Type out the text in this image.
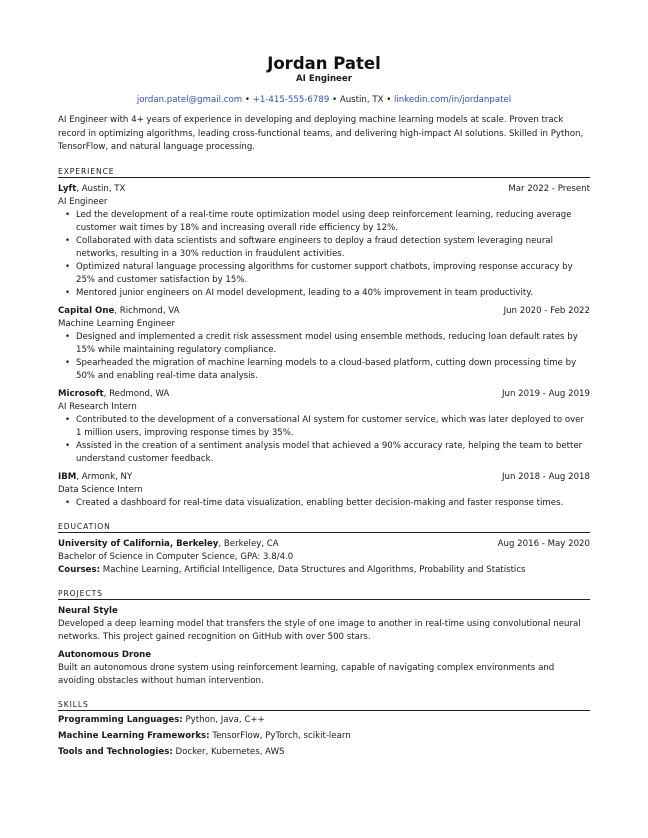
Jordan Patel
AI Engineer
jordan.patel@gmail.com • +1-415-555-6789 • Austin, TX • linkedin.com/in/jordanpatel
AI Engineer with 4+ years of experience in developing and deploying machine learning models at scale. Proven track record in optimizing algorithms, leading cross-functional teams, and delivering high-impact AI solutions. Skilled in Python, TensorFlow, and natural language processing.
EXPERIENCE
Lyft, Austin, TX	Mar 2022 - Present
AI Engineer
• Led the development of a real-time route optimization model using deep reinforcement learning, reducing average customer wait times by 18% and increasing overall ride efficiency by 12%.
• Collaborated with data scientists and software engineers to deploy a fraud detection system leveraging neural networks, resulting in a 30% reduction in fraudulent activities.
• Optimized natural language processing algorithms for customer support chatbots, improving response accuracy by 25% and customer satisfaction by 15%.
• Mentored junior engineers on AI model development, leading to a 40% improvement in team productivity.
Capital One, Richmond, VA	Jun 2020 - Feb 2022
Machine Learning Engineer
• Designed and implemented a credit risk assessment model using ensemble methods, reducing loan default rates by 15% while maintaining regulatory compliance.
• Spearheaded the migration of machine learning models to a cloud-based platform, cutting down processing time by 50% and enabling real-time data analysis.
Microsoft, Redmond, WA	Jun 2019 - Aug 2019
AI Research Intern
• Contributed to the development of a conversational AI system for customer service, which was later deployed to over 1 million users, improving response times by 35%.
• Assisted in the creation of a sentiment analysis model that achieved a 90% accuracy rate, helping the team to better understand customer feedback.
IBM, Armonk, NY	Jun 2018 - Aug 2018
Data Science Intern
• Created a dashboard for real-time data visualization, enabling better decision-making and faster response times.
EDUCATION
University of California, Berkeley, Berkeley, CA	Aug 2016 - May 2020
Bachelor of Science in Computer Science, GPA: 3.8/4.0
Courses: Machine Learning, Artificial Intelligence, Data Structures and Algorithms, Probability and Statistics
PROJECTS
Neural Style
Developed a deep learning model that transfers the style of one image to another in real-time using convolutional neural networks. This project gained recognition on GitHub with over 500 stars.
Autonomous Drone
Built an autonomous drone system using reinforcement learning, capable of navigating complex environments and avoiding obstacles without human intervention.
SKILLS
Programming Languages: Python, Java, C++
Machine Learning Frameworks: TensorFlow, PyTorch, scikit-learn
Tools and Technologies: Docker, Kubernetes, AWS
